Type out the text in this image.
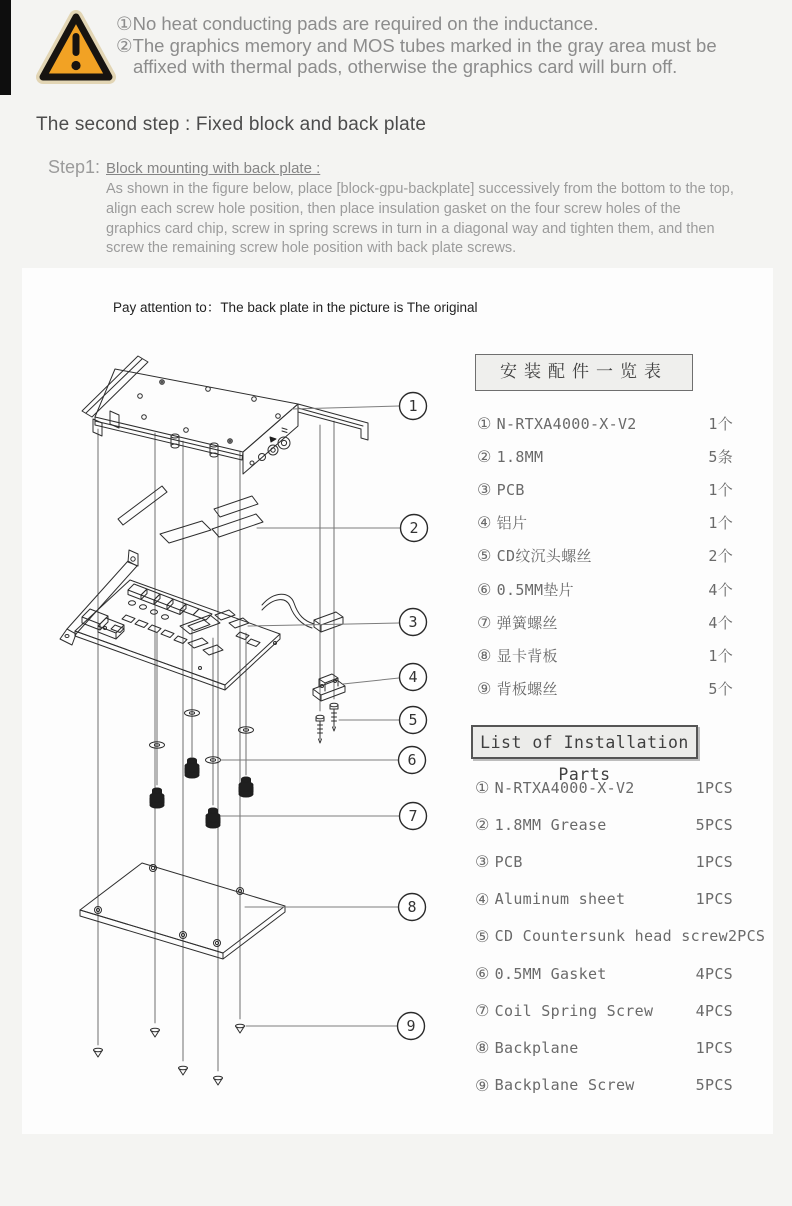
①No heat conducting pads are required on the inductance.
②The graphics memory and MOS tubes marked in the gray area must be
affixed with thermal pads, otherwise the graphics card will burn off.
The second step : Fixed block and back plate
Step1: Block mounting with back plate :
As shown in the figure below, place [block-gpu-backplate] successively from the bottom to the top, align each screw hole position, then place insulation gasket on the four screw holes of the graphics card chip, screw in spring screws in turn in a diagonal way and tighten them, and then screw the remaining screw hole position with back plate screws.
Pay attention to：The back plate in the picture is The original
1
2
3
4
5
6
7
8
9
安装配件一览表
① N-RTXA4000-X-V2	1个
② 1.8MM	5条
③ PCB	1个
④ 铝片	1个
⑤ CD纹沉头螺丝	2个
⑥ 0.5MM垫片	4个
⑦ 弹簧螺丝	4个
⑧ 显卡背板	1个
⑨ 背板螺丝	5个
List of Installation Parts
① N-RTXA4000-X-V2	1PCS
② 1.8MM Grease	5PCS
③ PCB	1PCS
④ Aluminum sheet	1PCS
⑤ CD Countersunk head screw 2PCS
⑥ 0.5MM Gasket	4PCS
⑦ Coil Spring Screw	4PCS
⑧ Backplane	1PCS
⑨ Backplane Screw	5PCS
